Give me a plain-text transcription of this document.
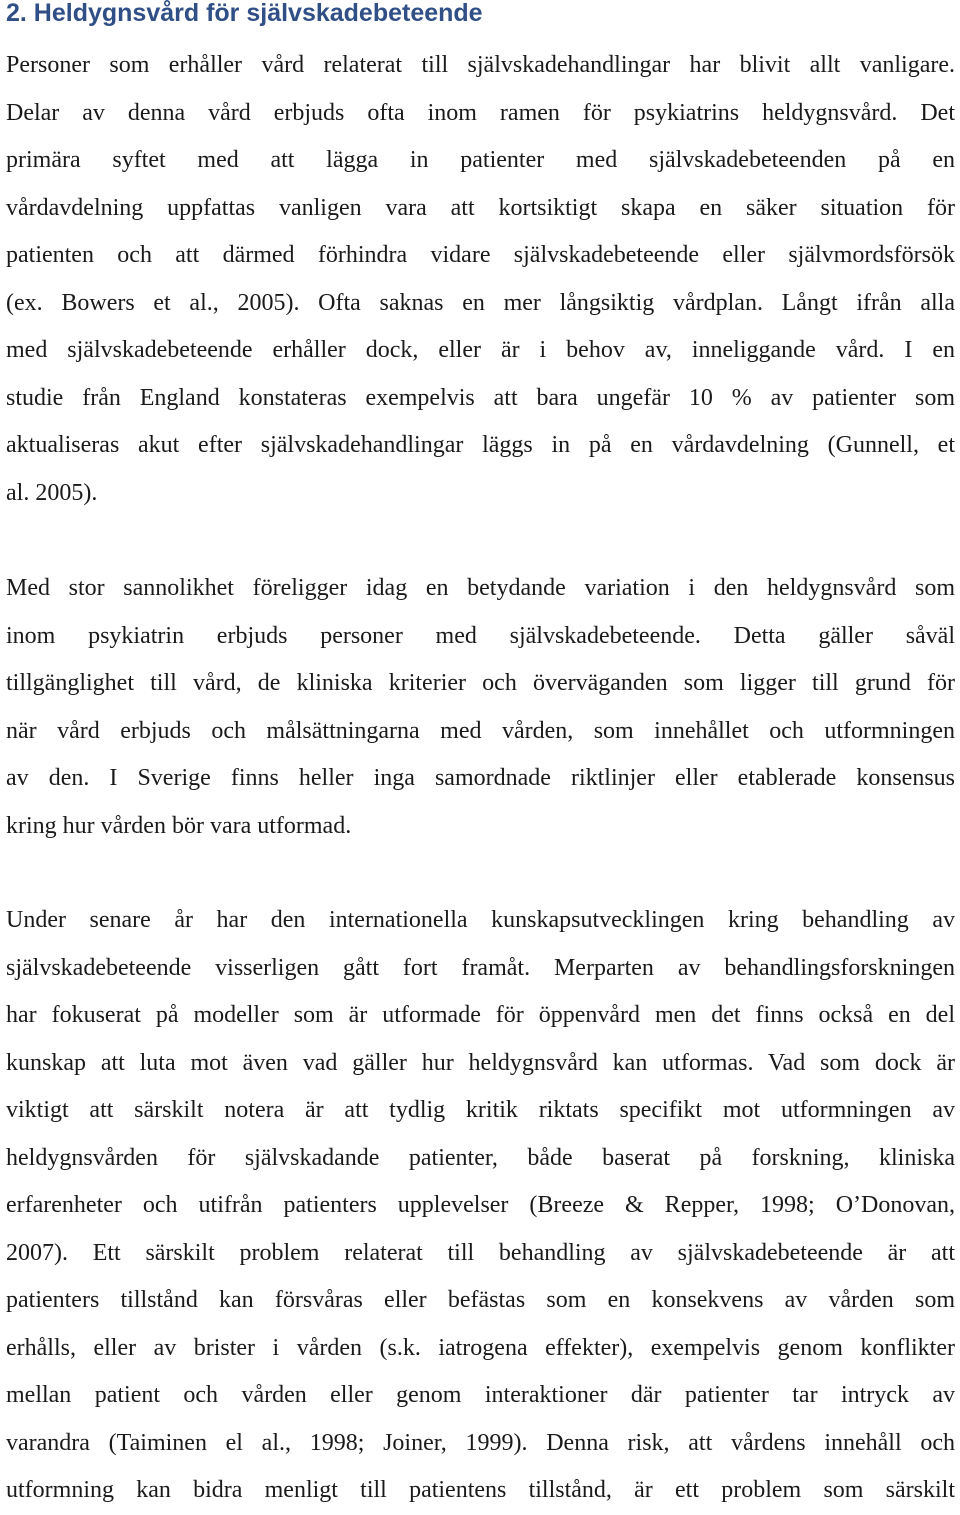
2. Heldygnsvård för självskadebeteende
Personer som erhåller vård relaterat till självskadehandlingar har blivit allt vanligare.
Delar av denna vård erbjuds ofta inom ramen för psykiatrins heldygnsvård. Det
primära syftet med att lägga in patienter med självskadebeteenden på en
vårdavdelning uppfattas vanligen vara att kortsiktigt skapa en säker situation för
patienten och att därmed förhindra vidare självskadebeteende eller självmordsförsök
(ex. Bowers et al., 2005). Ofta saknas en mer långsiktig vårdplan. Långt ifrån alla
med självskadebeteende erhåller dock, eller är i behov av, inneliggande vård. I en
studie från England konstateras exempelvis att bara ungefär 10 % av patienter som
aktualiseras akut efter självskadehandlingar läggs in på en vårdavdelning (Gunnell, et
al. 2005).
Med stor sannolikhet föreligger idag en betydande variation i den heldygnsvård som
inom psykiatrin erbjuds personer med självskadebeteende. Detta gäller såväl
tillgänglighet till vård, de kliniska kriterier och överväganden som ligger till grund för
när vård erbjuds och målsättningarna med vården, som innehållet och utformningen
av den. I Sverige finns heller inga samordnade riktlinjer eller etablerade konsensus
kring hur vården bör vara utformad.
Under senare år har den internationella kunskapsutvecklingen kring behandling av
självskadebeteende visserligen gått fort framåt. Merparten av behandlingsforskningen
har fokuserat på modeller som är utformade för öppenvård men det finns också en del
kunskap att luta mot även vad gäller hur heldygnsvård kan utformas. Vad som dock är
viktigt att särskilt notera är att tydlig kritik riktats specifikt mot utformningen av
heldygnsvården för självskadande patienter, både baserat på forskning, kliniska
erfarenheter och utifrån patienters upplevelser (Breeze & Repper, 1998; O’Donovan,
2007). Ett särskilt problem relaterat till behandling av självskadebeteende är att
patienters tillstånd kan försvåras eller befästas som en konsekvens av vården som
erhålls, eller av brister i vården (s.k. iatrogena effekter), exempelvis genom konflikter
mellan patient och vården eller genom interaktioner där patienter tar intryck av
varandra (Taiminen el al., 1998; Joiner, 1999). Denna risk, att vårdens innehåll och
utformning kan bidra menligt till patientens tillstånd, är ett problem som särskilt
